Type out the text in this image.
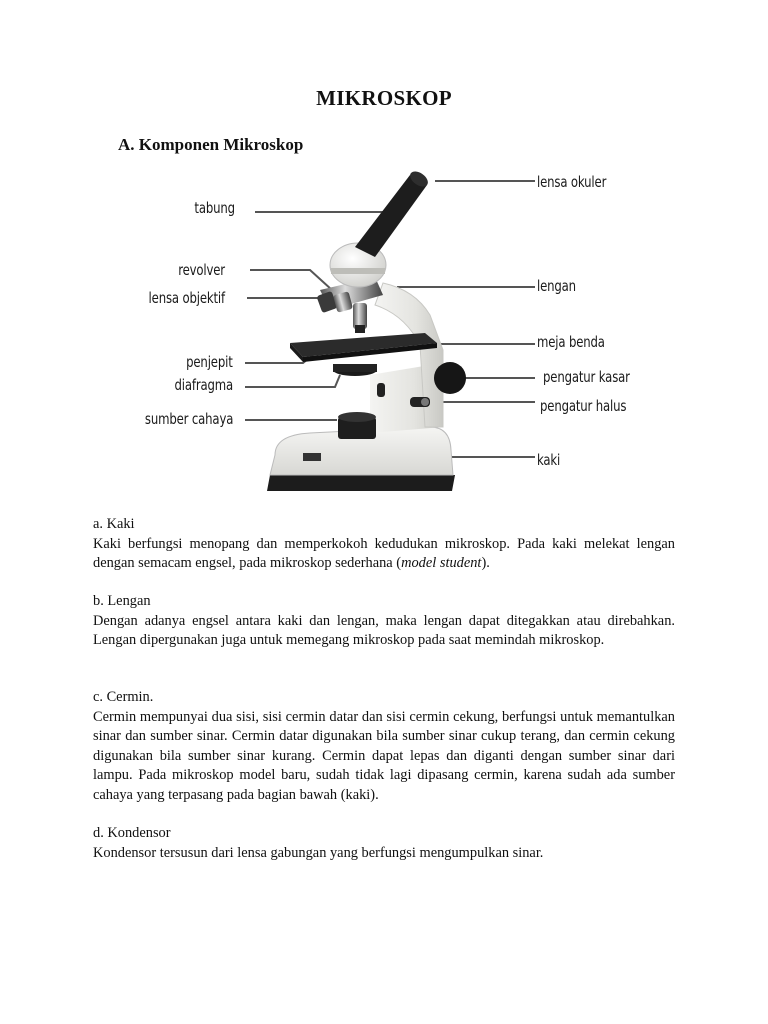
MIKROSKOP
A. Komponen Mikroskop
tabung
revolver
lensa objektif
penjepit
diafragma
sumber cahaya
lensa okuler
lengan
meja benda
pengatur kasar
pengatur halus
kaki

a. Kaki

Kaki berfungsi menopang dan memperkokoh kedudukan mikroskop. Pada kaki melekat lengan dengan semacam engsel, pada mikroskop sederhana (model student).

b. Lengan

Dengan adanya engsel antara kaki dan lengan, maka lengan dapat ditegakkan atau direbahkan. Lengan dipergunakan juga untuk memegang mikroskop pada saat memindah mikroskop.

c. Cermin.

Cermin mempunyai dua sisi, sisi cermin datar dan sisi cermin cekung, berfungsi untuk memantulkan sinar dan sumber sinar. Cermin datar digunakan bila sumber sinar cukup terang, dan cermin cekung digunakan bila sumber sinar kurang. Cermin dapat lepas dan diganti dengan sumber sinar dari lampu. Pada mikroskop model baru, sudah tidak lagi dipasang cermin, karena sudah ada sumber cahaya yang terpasang pada bagian bawah (kaki).

d. Kondensor

Kondensor tersusun dari lensa gabungan yang berfungsi mengumpulkan sinar.
